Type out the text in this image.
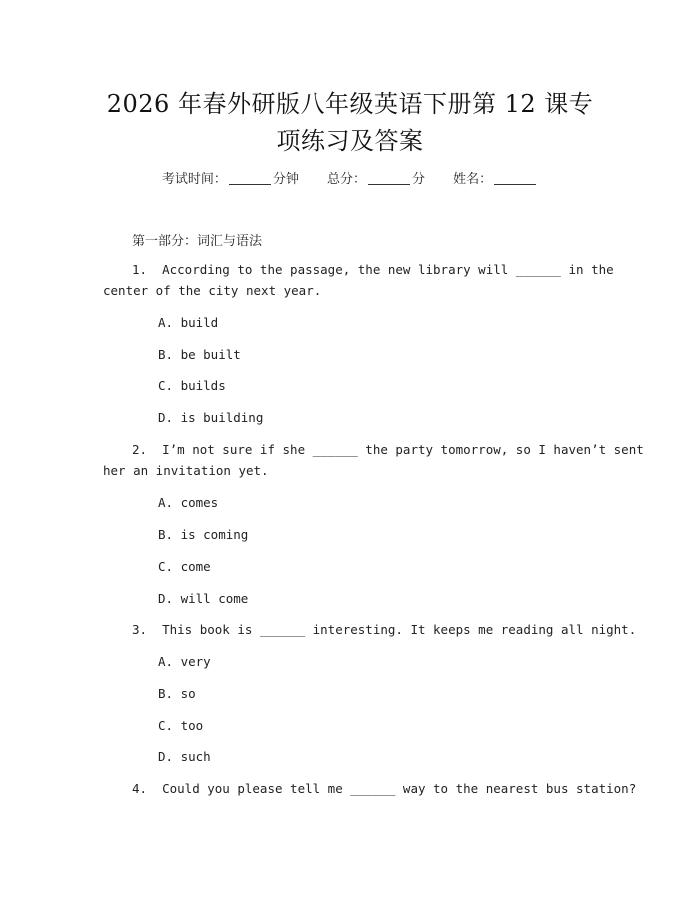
2026 年春外研版八年级英语下册第 12 课专
项练习及答案
考试时间：	分钟 总分：	分 姓名：
第一部分：词汇与语法
1.  According to the passage, the new library will ______ in the
center of the city next year.
A. build
B. be built
C. builds
D. is building
2.  I’m not sure if she ______ the party tomorrow, so I haven’t sent
her an invitation yet.
A. comes
B. is coming
C. come
D. will come
3.  This book is ______ interesting. It keeps me reading all night.
A. very
B. so
C. too
D. such
4.  Could you please tell me ______ way to the nearest bus station?
